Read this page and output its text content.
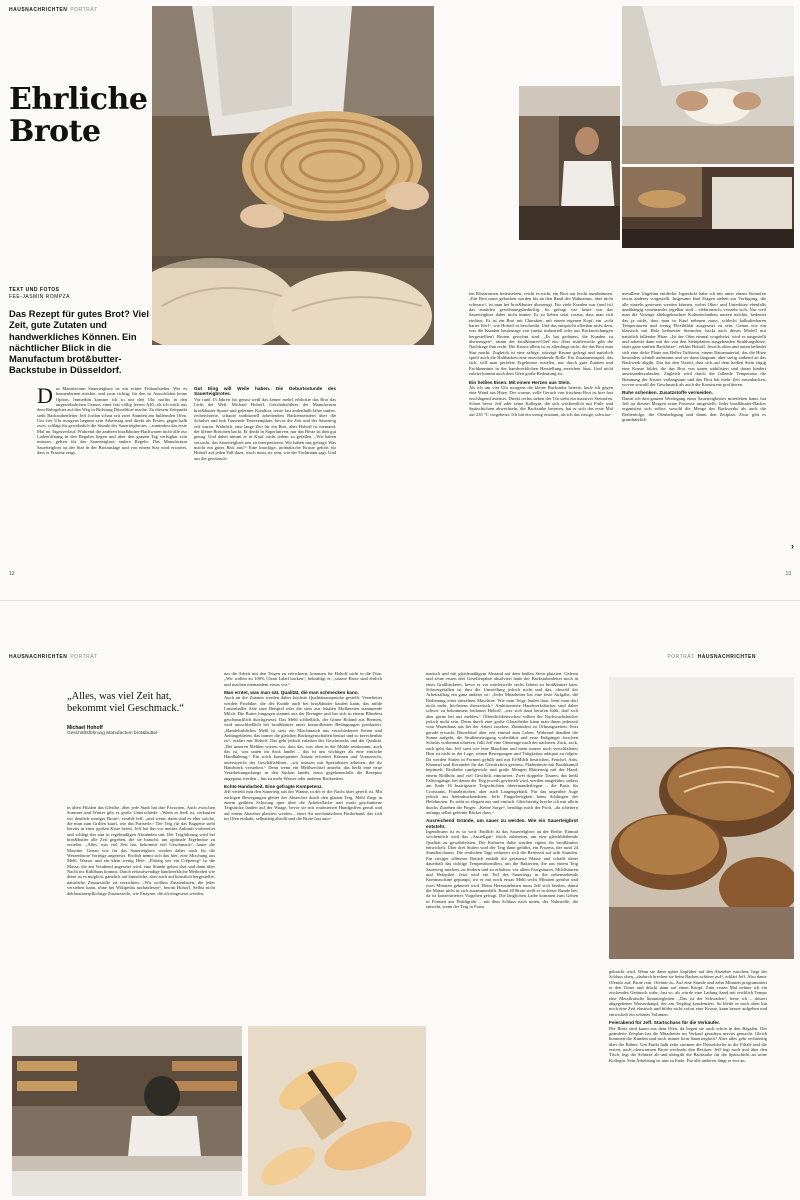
HAUSNACHRICHTEN PORTRÄT
Ehrliche Brote
TEXT UND FOTOS
FEE-JASMIN ROMPZA
Das Rezept für gutes Brot? Viel Zeit, gute Zutaten und handwerkliches Können. Ein nächtlicher Blick in die Manufactum brot&butter-Backstube in Düsseldorf.
D as Manufactum Sauerteigbrot ist ein echter Frühaufsteher. Wer es kennenlernen möchte, und zwar richtig, für den ist Ausschlafen keine Option. Immerhin komme ich so um drei Uhr nachts in den ungewöhnlichen Genuss einer fast völlig leeren A40, als ich mich aus dem Ruhrgebiet auf den Weg in Richtung Düsseldorf mache. Zu diesem Zeitpunkt steht Backstubenleiter Jeff Jordan schon seit zwei Stunden am bullernden Ofen. Um vier Uhr morgens beginnt sein Arbeitstag und direkt als Erstes, gegen halb zwei, schlägt für gewöhnlich die Stunde des Sauerteigbrotes – zumindest das erste Mal im Tagesverlauf. Während die anderen brot&butter-Backwaren nicht alle zur Ladenöffnung in den Regalen liegen und über den ganzen Tag verfügbar sein müssen, gelten für das Sauerteigbrot andere Regeln. Das Manufactum Sauerteigbrot ist der Star in der Brotauslage und von einem Star wird erwartet, dass er Präsenz zeigt.
Gut Ding will Weile haben. Die Geburtsstunde des Sauerteigbrotes.

Vor rund 15 Jahren (so genau weiß das keiner mehr) erblickte das Brot das Licht der Welt. Michael Hohoff, Geschäftsführer der Manufactum brot&butter-Sparte und gelernter Konditor, reiste fast anderthalb Jahre umher, recherchierte, schaute traditionell arbeitenden Bäckermeistern über die Schulter und buk Tausende Testexemplare, bevor die Zeit und der Sauerteig reif waren. Wahrlich, eine lange Zeit für ein Brot, aber Hohoff ist niemand, der kleine Brötchen backt. Er denkt in Superlativen, nur das Beste ist ihm gut genug. Und dabei nimmt er in Kauf, nicht jedem zu gefallen. „Wir haben versucht, das Sauerteigbrot neu zu interpretieren. Wir haben uns gefragt: Was macht ein gutes Brot aus?“ Eine knackige, aromatische Kruste gehört für Hohoff auf jeden Fall dazu, rösch muss sie sein, wie der Fachmann sagt. Und um die gewünsch-

ten Röstaromen freizusetzen, reicht es nicht, ein Brot nur leicht anzubräunen. „Ein Brot muss gebacken werden bis an den Rand des Wahnsinns, aber nicht schwarz“, ist man bei brot&butter überzeugt. Für viele Kunden war (und ist) das zunächst gewöhnungsbedürftig. So gefragt wie heute war das Sauerteigbrot daher nicht immer. Es zu lieben setzt voraus, dass man sich einlässt. Es ist ein Brot mit Charakter, mit einem eigenen Kopf, ein „echt harter Kerl“, wie Hohoff es beschreibt. Und das entspricht offenbar nicht dem, was die Kunden heutzutage von (meist industriell oder aus Backmischungen hergestellten) Broten gewohnt sind. „Es hat gedauert, die Kunden zu überzeugen“, räumt der brot&butter-Chef ein. Aber mittlerweile gibt die Nachfrage ihm recht. Die Kruste allein ist es allerdings nicht, die das Brot zum Star macht. Zugleich ist eine saftige, würzige Krume gefragt und natürlich spielt auch die Haltbarkeit eine entscheidende Rolle. Ein Zusammenspiel, das sich, will man perfekte Ergebnisse erzielen, nur durch gute Zutaten und Fachkenntnis in der handwerklichen Herstellung erreichen lässt. Und nicht zuletzt kommt auch dem Ofen große Bedeutung zu.

Ein heißes Eisen. Mit einem Herzen aus Stein.

Als ich um vier Uhr morgens die kleine Backstube betrete, laufe ich gegen eine Wand aus Hitze. Der warme, volle Geruch von frischem Brot ist hier fast erschlagend intensiv. Direkt rechts neben der Tür steht ein massiver Steinofen. Schon bevor Jeff oder seine Kollegin, die sich wöchentlich mit Früh- und Spätschichten abwechseln, die Backstube betreten, hat er sich das erste Mal auf 235 °C vorgeheizt. Ich bin ein wenig erstaunt, als ich das riesige, schwarz-

metallene Ungetüm entdecke. Irgendwie habe ich mir unter einem Steinofen etwas anderes vorgestellt. Insgesamt fünf Etagen stehen zur Verfügung, die alle einzeln gesteuert werden können, wobei Ober- und Unterhitze ebenfalls unabhängig voneinander regelbar sind – elektronisch, versteht sich. Nur weil man die Vorzüge altehrgebrachter Kulturtechniken nutzen möchte, bedeutet das ja nicht, dass man in Kauf nehmen muss, schlecht kalkulierbaren Temperaturen und wenig Flexibilität ausgesetzt zu sein. Genau wie ein klassisch mit Holz befeuerter Steinofen, backt auch dieses Modell mit natürlich fallender Hitze. „Ist der Ofen einmal vorgeheizt, wird er ausgestellt und arbeitet dann mit der von den Steinplatten ausgehenden Strahlungshitze, einer ganz sanften Backhitze“, erklärt Hohoff. Jeweils oben und unten befindet sich eine dicke Platte aus Beller Tuffstein, einem Naturmaterial, das die Hitze besonders schnell aufnimmt und sie dann langsam, aber stetig sinkend an das Backwerk abgibt. Das hat den Vorteil, dass sich auf dem heißen Stein zügig eine Kruste bildet, die das Brot von unten stabilisiert und daran hindert auseinanderzulaufen. Zugleich wird durch die fallende Temperatur die Bräunung der Kruste verlangsamt und das Brot hat mehr Zeit auszubacken, wovon sowohl der Geschmack als auch die Konsistenz profitieren.

Ruhe schenken. Zusatzstoffe vermeiden.

Damit ich den ganzen Werdegang eines Sauerteigbrotes miterleben kann, hat Jeff an diesem Morgen seine Prozesse umgestellt. Jeder brot&butter-Bäcker organisiert sich selbst: sowohl die Menge des Backwerks als auch die Reihenfolge, die Ofenbelegung und damit den Zeitplan. Zwar gibt es grundsätzlich

12	13
›
HAUSNACHRICHTEN PORTRÄT	PORTRÄT HAUSNACHRICHTEN
„Alles, was viel Zeit hat, bekommt viel Geschmack.“
Michael Hohoff
Geschäftsführung Manufactum brot&butter

in allen Filialen das Gleiche, aber jede Stadt hat ihre Favoriten. Auch zwischen Sommer und Winter gibt es große Unterschiede. „Wenn es heiß ist, verkaufen wir deutlich weniger Brote“, erzählt Jeff, „und wenn, dann sind es eher solche, die man zum Grillen kauft, wie das Pariserle.“ Der Teig für das Baguette steht bereits in einer großen Kiste bereit. Jeff hat ihn vor meiner Ankunft vorbereitet und schlägt ihn nun in regelmäßigen Abständen um. Der Teigführung wird bei brot&butter alle Zeit gegeben, die sie braucht, um optimale Ergebnisse zu erzielen. „Alles, was viel Zeit hat, bekommt viel Geschmack“, lautet die Maxime. Genau wie für das Sauerteigbrot werden daher auch für die Weizenbrote Vorteige angesetzt. Poolish nennt sich das hier, eine Mischung aus Mehl, Wasser und ein klein wenig Hefe. „Flüssig wie ein Crêpeteig“ ist die Masse, die am Vorabend angesetzt wird, eine Stunde gehen darf und dann über Nacht ins Kühlhaus kommt. Durch zeitaufwendige handwerkliche Methoden wie diese ist es möglich, gänzlich auf künstliche, aber auch auf künstlich hergestellte, natürliche Zusatzstoffe zu verzichten. „Wir wollten Zutatenlisten, die jeder verstehen kann, ohne bei Wikipedia nachzulesen“, betont Hohoff. Selbst nicht deklarationspflichtige Zusatzstoffe, wie Enzyme, die oft eingesetzt werden,

um die Arbeit mit den Teigen zu erleichtern, kommen für Hohoff nicht in die Tüte. „Wir wollen zu 100% Clean Label backen“, bekräftigt er, „unsere Brote sind ehrlich und machen niemandem etwas vor.“

Man erntet, was man sät. Qualität, die man schmecken kann.

Auch an die Zutaten werden daher höchste Qualitätsansprüche gestellt. Verarbeitet werden Produkte, die der Kunde auch bei brot&butter kaufen kann, das milde Luisenhaller Salz zum Beispiel oder die stets aus lokalen Molkereien stammende Milch. Die Butter hingegen stammt aus der Bretagne und hat sich in einem Blindtest geschmacklich durchgesetzt. Das Mehl schließlich, der Grüne Roland aus Bremen, wird ausschließlich bei brot&butter unter kontrollierten Bedingungen produziert. „Handelsübliches Mehl ist stets ein Mischmasch aus verschiedenen Sorten und Anbaugebieten, das immer die gleichen Backeigenschaften besitzt und so berechenbar ist“, erklärt mir Hohoff. Das geht jedoch zulasten des Geschmacks und der Qualität. „Bei unseren Mehlen wissen wir, dass das, was oben in die Mühle reinkommt, auch das ist, was unten im Sack landet – das ist uns wichtiger als eine einfache Handhabung.“ Ein solch konsequenter Ansatz erfordert Können und Voraussicht, unterstreicht der Geschäftsführer, „wir müssen mit Spezialisten arbeiten, die ihr Handwerk verstehen.“ Denn wenn ein Mehlwechsel ansteht, das heißt eine neue Verarbeitungscharge in den Säcken landet, muss gegebenenfalls die Rezeptur angepasst werden – hin zu mehr Wasser oder anderen Backzeiten.

Echte Handarbeit. Eine gefragte Kompetenz.

Jeff verteilt nun den Sauerteig aus der Wanne, in der er die Nacht über gereift ist. Mit zackigen Bewegungen gleitet der Abstecher durch den glatten Teig, Mehl fliegt in einem geübten Schwung quer über die Arbeitsfläche und exakt geschnittene Teigstücke landen auf der Waage, bevor sie mit routinierten Handgriffen geruft und auf einem Abzieher platziert werden – einer Art mechanischem Förderband, das sich im Ofen einhakt, selbsttätig abrollt und die Brote fast auto-

matisch und mit gleichmäßigem Abstand auf dem heißen Stein platziert. Gelernt und seine ersten drei Gesellenjahre absolviert hatte der Backstubenleiter noch in einer Großbäckerei, bevor er vor mittlerweile sechs Jahren zu brot&butter kam. Schwergefallen ist ihm die Umstellung jedoch nicht und das, obwohl der Arbeitsalltag ein ganz anderer ist: „Jeder Mitarbeiter hat eine feste Aufgabe, die Bedienung einer einzelnen Maschine. Wie man Teige laufen lässt, lernt man dort nicht mehr, höchstens theoretisch.“ Ambitionierte Handwerksbäcker sind daher schwer zu bekommen, bedauert Hohoff, „wer sich dazu berufen fühlt, darf sich aber gerne bei uns melden.“ Öffentlichkeitsscheu sollten die Nachwuchsbäcker jedoch nicht sein. Denn durch eine große Glasscheibe kann man ihnen jederzeit vom Warenhaus aus bei der Arbeit zusehen. Zumindest zu Öffnungszeiten. Jetzt gerade erwacht Düsseldorf aber erst einmal zum Leben. Während draußen die Sonne aufgeht, die Straßenreinigung vorbeifährt und erste Fußgänger forschen Schritts vorbeimarschieren, füllt Jeff eine Ofenetage nach der nächsten. Zack, zack, zack geht das. Jeff surrt wie eine Maschine und mein immer noch verschlafenes Hirn ist nicht in der Lage, seinen Bewegungen und Tätigkeiten adäquat zu folgen. Da werden Stuten in Formen gefüllt und mit Ei-Milch bestrichen, Fenchel, Anis, Kümmel und Koriander für das Gewürzbrot gestreut, Fladenbrote mit Basilikumöl bepinselt, Brotlaibe rundgewirkt und große Mengen Blätterteig mit der Hand, einem Rollholz und viel Geschick eintouriert. Zwei doppelte Touren, das heißt Faltvorgänge, bei denen der Teig jeweils geviertelt wird, werden ausgeführt, sodass am Ende 16 buttrigzarte Teigschichten übereinanderliegen – die Basis für Croissants, Franzbrötchen, aber auch Laugengebäck. Für das ungeübte Auge jedoch am beeindruckendsten: Jeffs Fingerfertigkeit beim Schlingen der Hefeknoten. Es sieht so elegant aus und einfach. Gleichzeitig breche ich mir allein durchs Zusehen die Finger. „Keine Sorge“, beruhigt mich der Profi, „da scheitern anfangs selbst gelernte Bäcker dran.“

Ausreichend Gründe, um sauer zu werden. Wie ein Sauerteigbrot entsteht.

Irgendwann ist es so weit: Endlich ist das Sauerteigbrot an der Reihe. Einmal wöchentlich wird das „Anstellgut“ frisch zubereitet, um eine gleichbleibende Qualität zu gewährleisten. Die Kulturen dafür wurden eigens für brot&butter entwickelt. Über drei Stufen wird der Teig dann geführt, ein Prozess, der rund 24 Stunden dauert. Die restlichen Tage reduziert sich die Reifezeit auf acht Stunden. Ein riesiger silberner Bottich enthält die gesäuerte Masse und schafft dabei dauerhaft das richtige Temperaturmilieu, um die Bakterien, die aus einem Teig Sauerteig machen, zu fördern und zu erhalten: vor allem Essigsäuren, Milchsäuren und Hefepilze. Jetzt wird ein Teil des Sauerteigs in die nebenstehende Knetmaschine gepumpt, wo er mit noch etwas Mehl sechs Minuten gerührt und zwei Minuten geknetet wird. Beim Herausnehmen muss Jeff sich beeilen, damit die Masse nicht in sich zusammenfällt. Rund 40 Brote stellt er in dieser Runde her, da ist konzentriertes Vorgehen gefragt. Die länglichen Laibe kommen zum Gehen in Formen aus Peddigrohr – mit dem Schluss nach unten, der Nahtstelle, die entsteht, wenn der Teig in Form

gebracht wird. Wenn sie dann später kopfüber auf den Abzieher rutschen, liegt der Schluss oben, „dadurch brechen sie beim Backen schöner auf“, erklärt Jeff. Also dann: Ofentür auf. Brote rein. Ofentür zu. Auf eine Stunde und zehn Minuten programmiert er den Timer und drückt dann auf einen Knopf. Zum ersten Mal nehme ich ein zischendes Geräusch wahr, fast so, als würde eine Ladung Sand mit reichlich Tempo eine Metallrutsche hinuntergleiten. „Das ist der Schwaden“, lerne ich – dosiert abgegebener Wasserdampf, der am Teigling kondensiert. So bleibt er nach oben hin noch eine Zeit elastisch und bildet nicht sofort eine Kruste, kann besser aufgehen und entwickelt ein schönes Volumen.

Feierabend für Jeff. Startschuss für die Verkäufer.

Die Brote sind kaum aus dem Ofen, da liegen sie auch schon in den Regalen. Der geänderte Zeitplan hat die Mitarbeiter im Verkauf geradezu nervös gemacht. Gleich kommen die Kunden und noch immer kein Sauerteigbrot? Aber alles geht rechtzeitig über die Bühne. Um Punkt halb zehn strömen die Düsseldorfer in die Filiale und die ersten, noch ofenwarmen Brote wechseln den Besitzer. Jeff fegt noch mal über den Tisch, legt die Schürze ab und übergibt die Backstube für die Spätschicht an seine Kollegin. Sein Arbeitstag ist nun zu Ende. Für alle anderen fängt er erst an.
